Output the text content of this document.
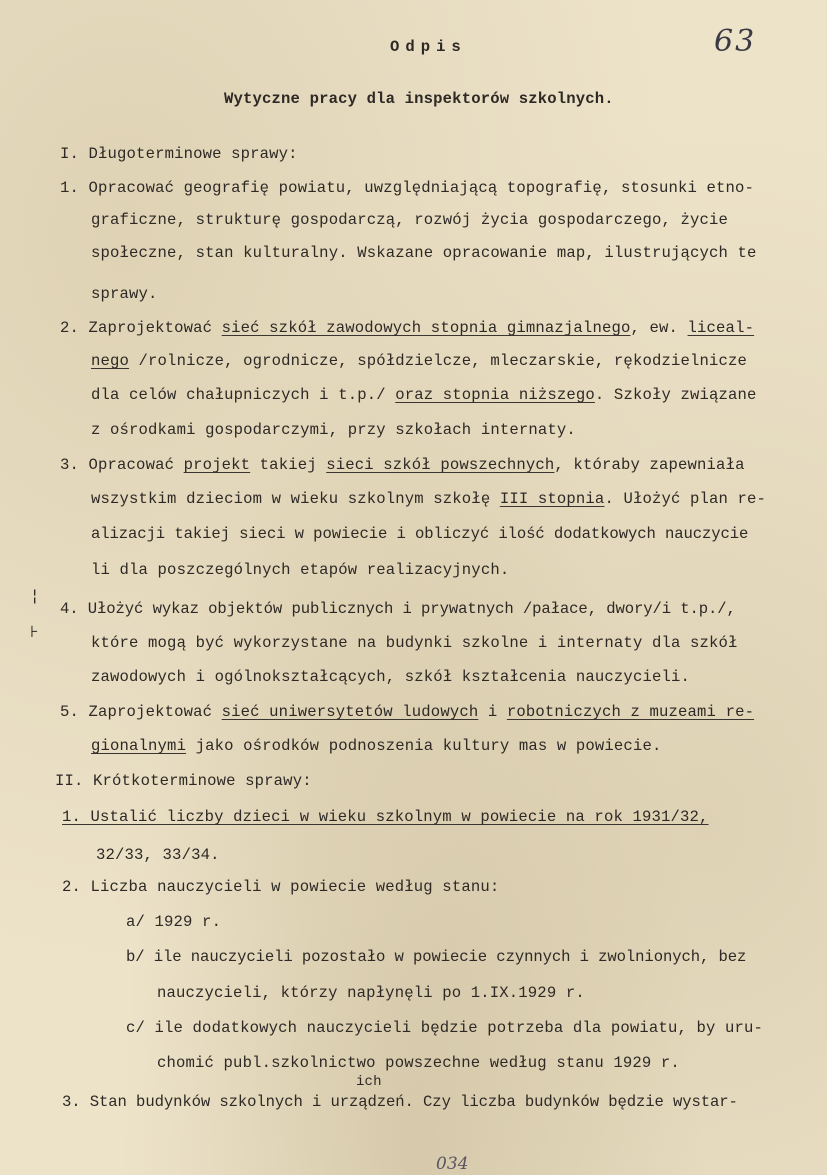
63
Odpis
Wytyczne pracy dla inspektorów szkolnych.
I. Długoterminowe sprawy:
1. Opracować geografię powiatu, uwzględniającą topografię, stosunki etno-
graficzne, strukturę gospodarczą, rozwój życia gospodarczego, życie
społeczne, stan kulturalny. Wskazane opracowanie map, ilustrujących te
sprawy.
2. Zaprojektować sieć szkół zawodowych stopnia gimnazjalnego, ew. liceal-
nego /rolnicze, ogrodnicze, spółdzielcze, mleczarskie, rękodzielnicze
dla celów chałupniczych i t.p./ oraz stopnia niższego. Szkoły związane
z ośrodkami gospodarczymi, przy szkołach internaty.
3. Opracować projekt takiej sieci szkół powszechnych, któraby zapewniała
wszystkim dzieciom w wieku szkolnym szkołę III stopnia. Ułożyć plan re-
alizacji takiej sieci w powiecie i obliczyć ilość dodatkowych nauczycie
li dla poszczególnych etapów realizacyjnych.
¦
⊦
4. Ułożyć wykaz objektów publicznych i prywatnych /pałace, dwory/i t.p./,
które mogą być wykorzystane na budynki szkolne i internaty dla szkół
zawodowych i ogólnokształcących, szkół kształcenia nauczycieli.
5. Zaprojektować sieć uniwersytetów ludowych i robotniczych z muzeami re-
gionalnymi jako ośrodków podnoszenia kultury mas w powiecie.
II. Krótkoterminowe sprawy:
1. Ustalić liczby dzieci w wieku szkolnym w powiecie na rok 1931/32,
32/33, 33/34.
2. Liczba nauczycieli w powiecie według stanu:
a/ 1929 r.
b/ ile nauczycieli pozostało w powiecie czynnych i zwolnionych, bez
nauczycieli, którzy napłynęli po 1.IX.1929 r.
c/ ile dodatkowych nauczycieli będzie potrzeba dla powiatu, by uru-
chomić publ.szkolnictwo powszechne według stanu 1929 r.
ich
3. Stan budynków szkolnych i urządzeń. Czy liczba budynków będzie wystar-
034
